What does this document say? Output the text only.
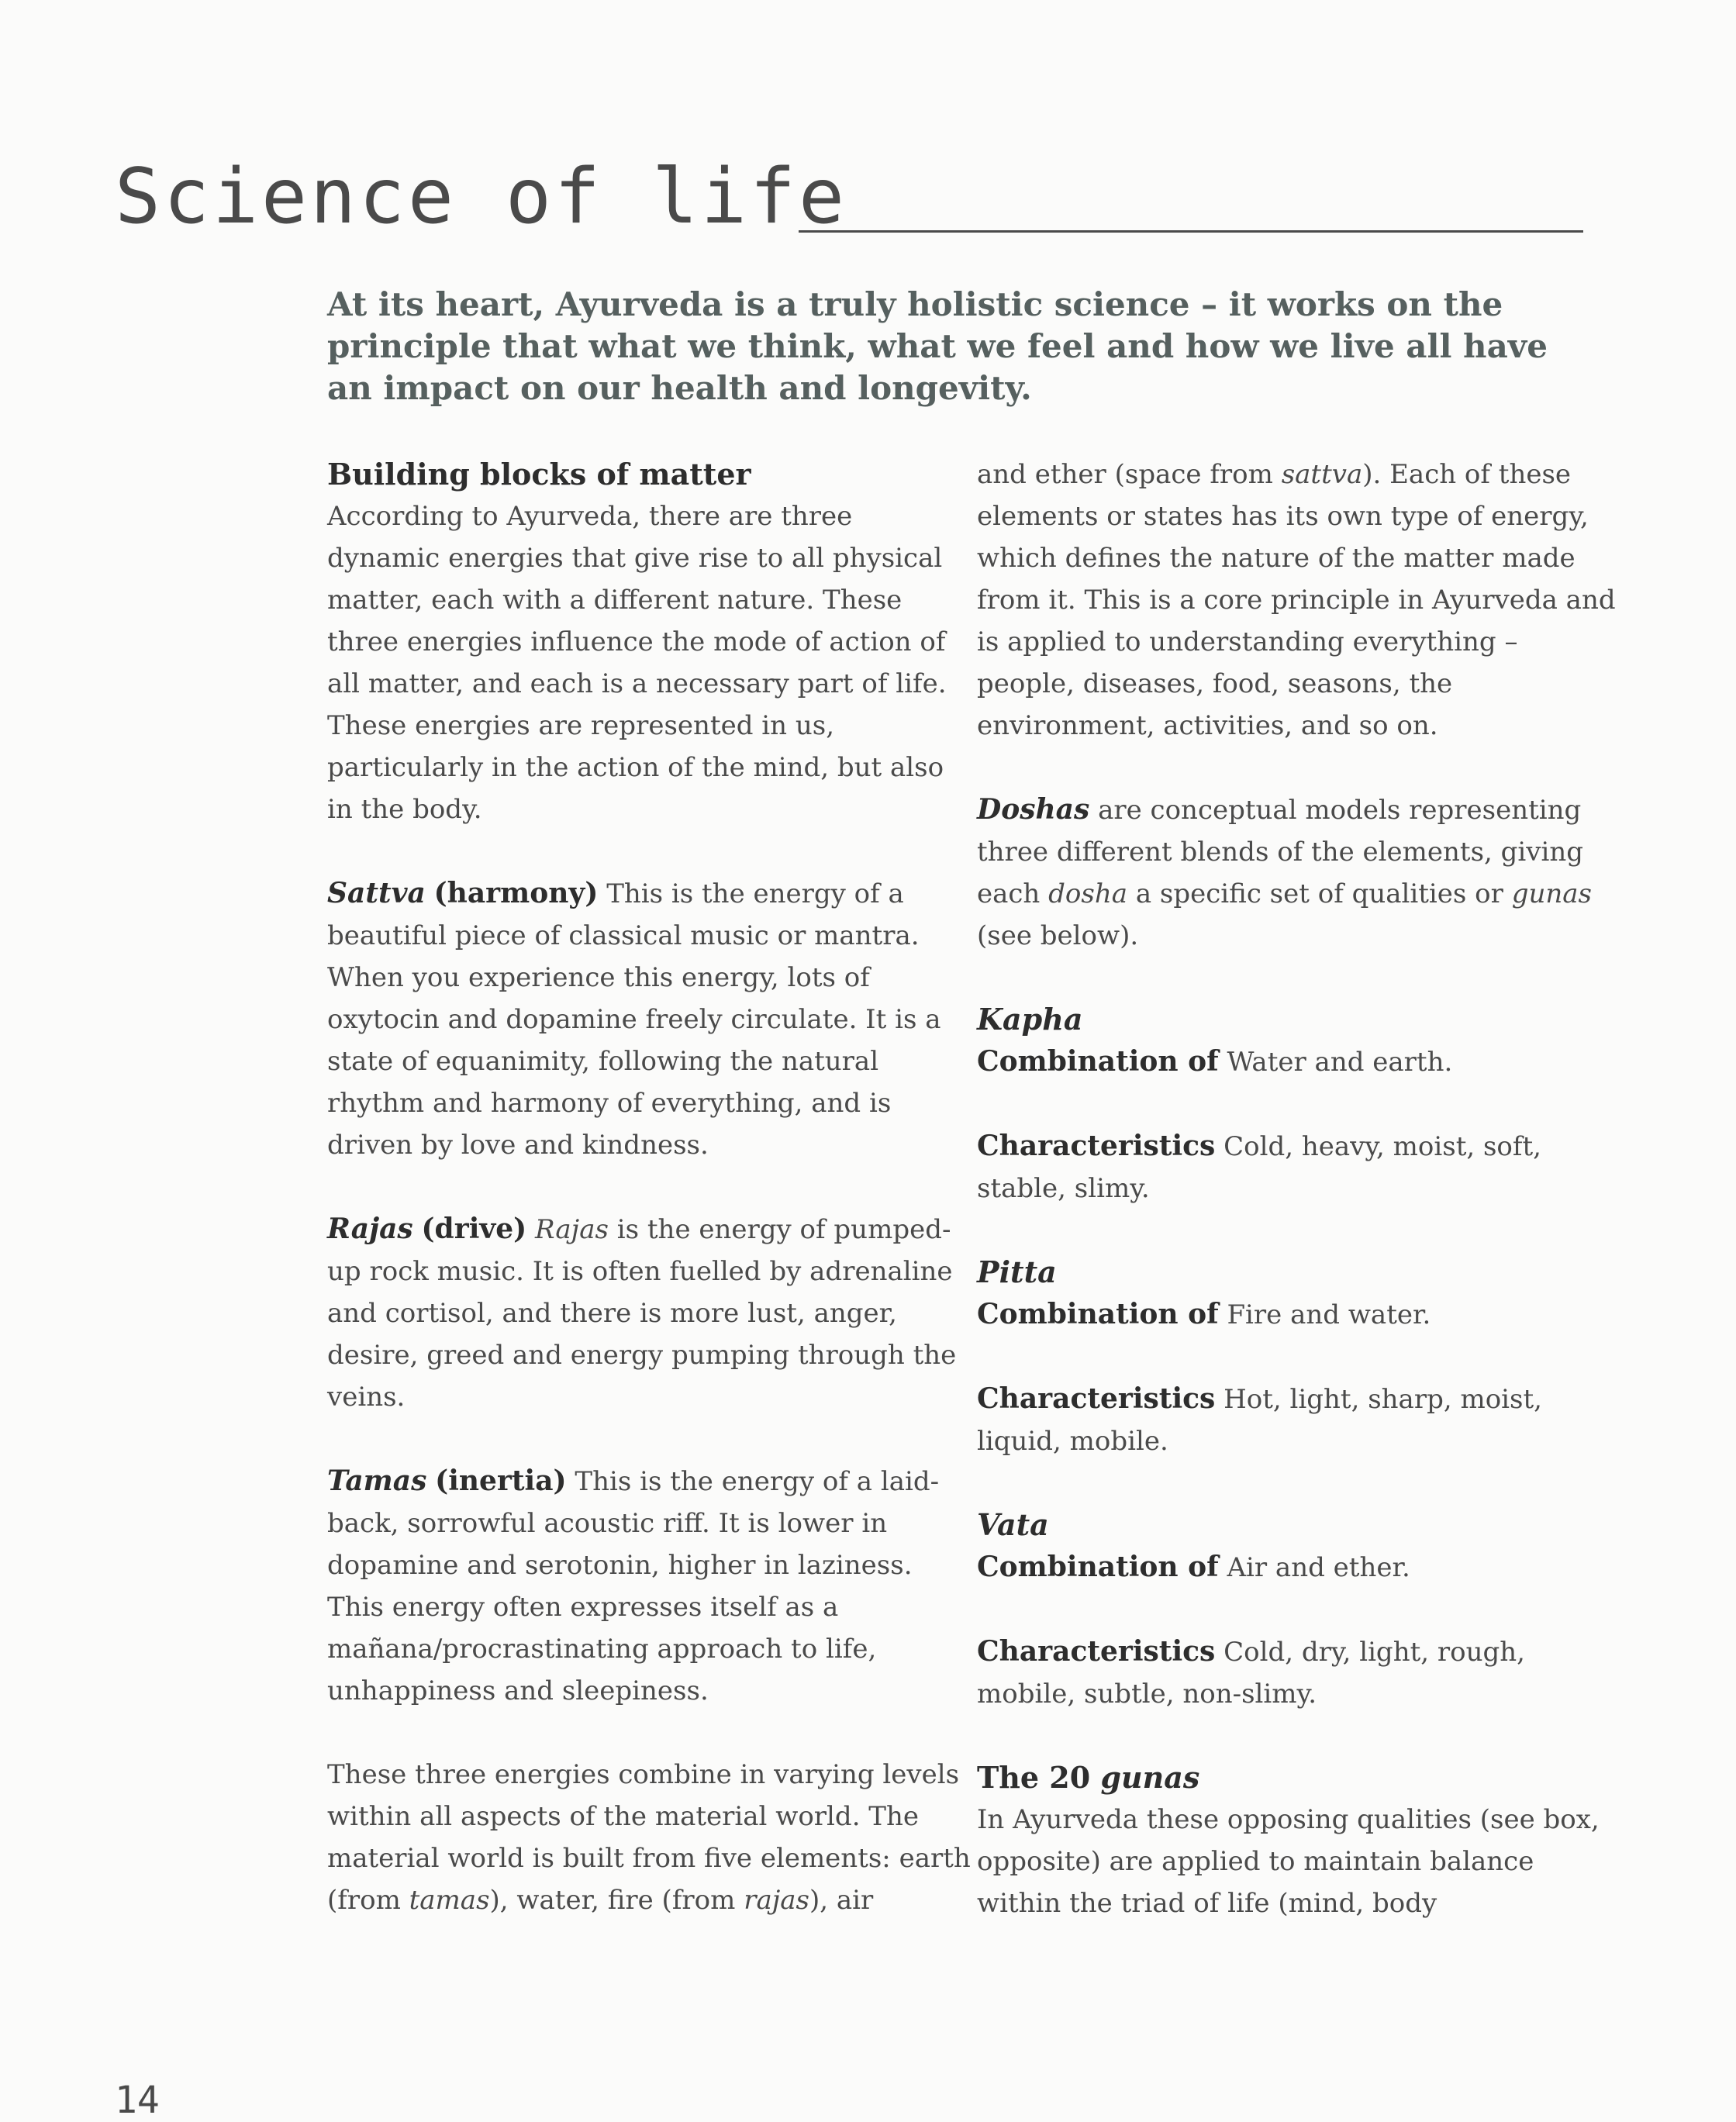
Science of life

At its heart, Ayurveda is a truly holistic science – it works on the principle that what we think, what we feel and how we live all have an impact on our health and longevity.

Building blocks of matter

According to Ayurveda, there are three dynamic energies that give rise to all physical matter, each with a different nature. These three energies influence the mode of action of all matter, and each is a necessary part of life. These energies are represented in us, particularly in the action of the mind, but also in the body.

Sattva (harmony) This is the energy of a beautiful piece of classical music or mantra. When you experience this energy, lots of oxytocin and dopamine freely circulate. It is a state of equanimity, following the natural rhythm and harmony of everything, and is driven by love and kindness.

Rajas (drive) Rajas is the energy of pumped-up rock music. It is often fuelled by adrenaline and cortisol, and there is more lust, anger, desire, greed and energy pumping through the veins.

Tamas (inertia) This is the energy of a laid-back, sorrowful acoustic riff. It is lower in dopamine and serotonin, higher in laziness. This energy often expresses itself as a mañana/procrastinating approach to life, unhappiness and sleepiness.

These three energies combine in varying levels within all aspects of the material world. The material world is built from five elements: earth (from tamas), water, fire (from rajas), air

and ether (space from sattva). Each of these elements or states has its own type of energy, which defines the nature of the matter made from it. This is a core principle in Ayurveda and is applied to understanding everything – people, diseases, food, seasons, the environment, activities, and so on.

Doshas are conceptual models representing three different blends of the elements, giving each dosha a specific set of qualities or gunas (see below).

Kapha
Combination of Water and earth.

Characteristics Cold, heavy, moist, soft, stable, slimy.

Pitta
Combination of Fire and water.

Characteristics Hot, light, sharp, moist, liquid, mobile.

Vata
Combination of Air and ether.

Characteristics Cold, dry, light, rough, mobile, subtle, non-slimy.

The 20 gunas

In Ayurveda these opposing qualities (see box, opposite) are applied to maintain balance within the triad of life (mind, body

14
